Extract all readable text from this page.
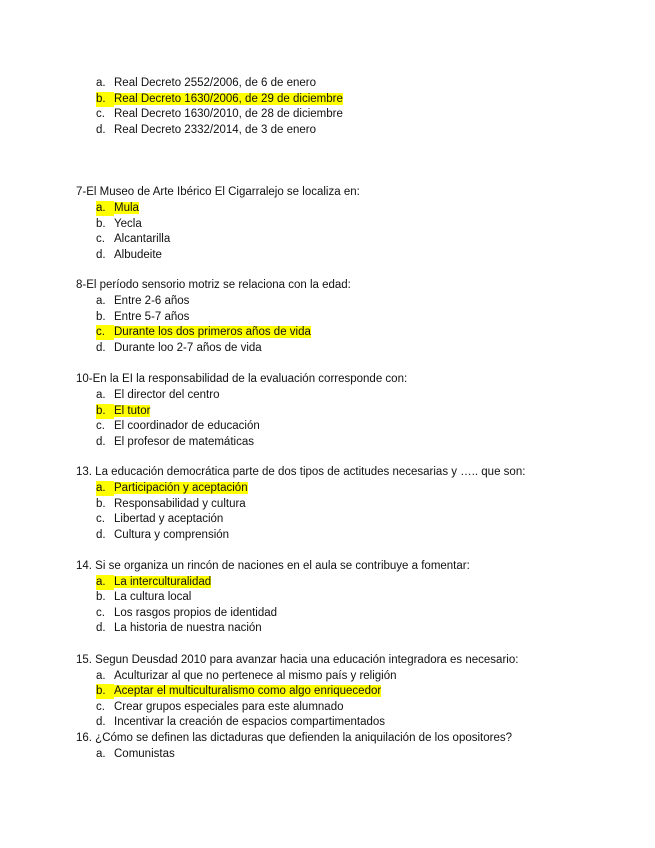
a. Real Decreto 2552/2006, de 6 de enero
b. Real Decreto 1630/2006, de 29 de diciembre
c. Real Decreto 1630/2010, de 28 de diciembre
d. Real Decreto 2332/2014, de 3 de enero
7-El Museo de Arte Ibérico El Cigarralejo se localiza en:
a. Mula
b. Yecla
c. Alcantarilla
d. Albudeite
8-El período sensorio motriz se relaciona con la edad:
a. Entre 2-6 años
b. Entre 5-7 años
c. Durante los dos primeros años de vida
d. Durante loo 2-7 años de vida
10-En la EI la responsabilidad de la evaluación corresponde con:
a. El director del centro
b. El tutor
c. El coordinador de educación
d. El profesor de matemáticas
13. La educación democrática parte de dos tipos de actitudes necesarias y ….. que son:
a. Participación y aceptación
b. Responsabilidad y cultura
c. Libertad y aceptación
d. Cultura y comprensión
14. Si se organiza un rincón de naciones en el aula se contribuye a fomentar:
a. La interculturalidad
b. La cultura local
c. Los rasgos propios de identidad
d. La historia de nuestra nación
15. Segun Deusdad 2010 para avanzar hacia una educación integradora es necesario:
a. Aculturizar al que no pertenece al mismo país y religión
b. Aceptar el multiculturalismo como algo enriquecedor
c. Crear grupos especiales para este alumnado
d. Incentivar la creación de espacios compartimentados
16. ¿Cómo se definen las dictaduras que defienden la aniquilación de los opositores?
a. Comunistas
